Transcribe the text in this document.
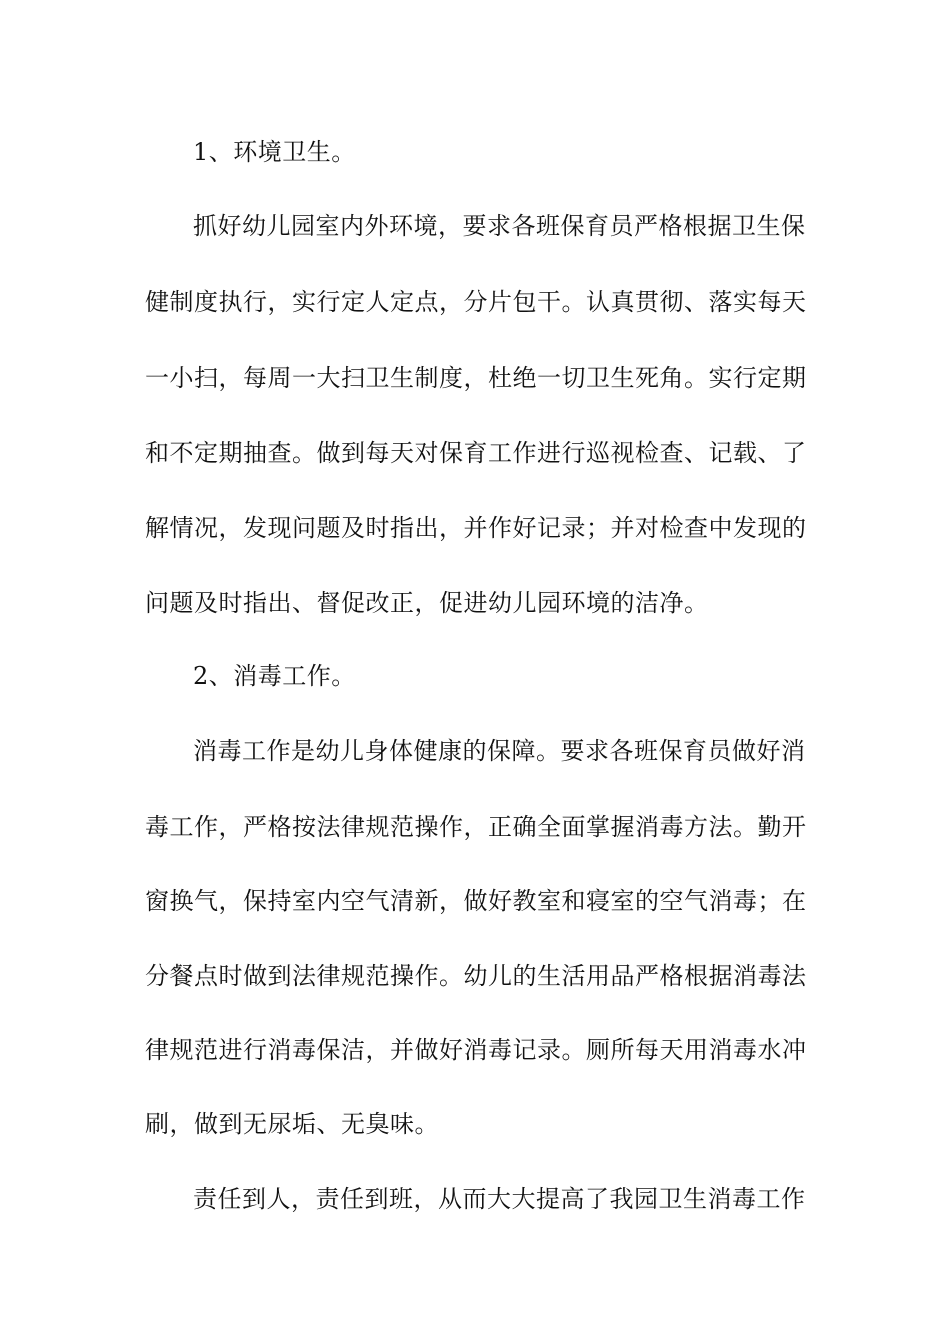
1、环境卫生。
抓好幼儿园室内外环境，要求各班保育员严格根据卫生保
健制度执行，实行定人定点，分片包干。认真贯彻、落实每天
一小扫，每周一大扫卫生制度，杜绝一切卫生死角。实行定期
和不定期抽查。做到每天对保育工作进行巡视检查、记载、了
解情况，发现问题及时指出，并作好记录；并对检查中发现的
问题及时指出、督促改正，促进幼儿园环境的洁净。
2、消毒工作。
消毒工作是幼儿身体健康的保障。要求各班保育员做好消
毒工作，严格按法律规范操作，正确全面掌握消毒方法。勤开
窗换气，保持室内空气清新，做好教室和寝室的空气消毒；在
分餐点时做到法律规范操作。幼儿的生活用品严格根据消毒法
律规范进行消毒保洁，并做好消毒记录。厕所每天用消毒水冲
刷，做到无尿垢、无臭味。
责任到人，责任到班，从而大大提高了我园卫生消毒工作
